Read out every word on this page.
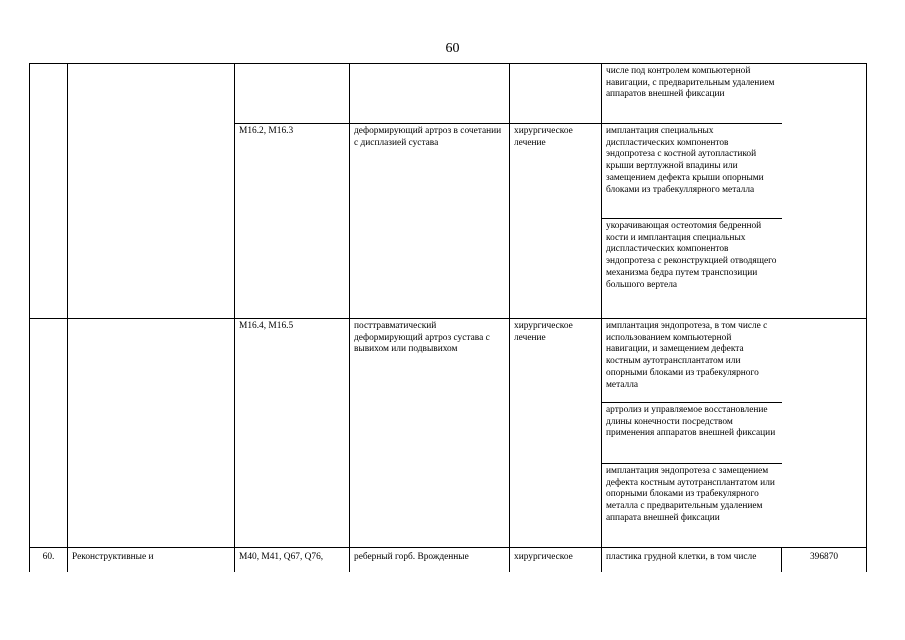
60
					числе под контролем компьютерной навигации, с предварительным удалением аппаратов внешней фиксации	
		M16.2, M16.3	деформирующий артроз в сочетании с дисплазией сустава	хирургическое лечение	имплантация специальных диспластических компонентов эндопротеза с костной аутопластикой крыши вертлужной впадины или замещением дефекта крыши опорными блоками из трабекуллярного металла	
					укорачивающая остеотомия бедренной кости и имплантация специальных диспластических компонентов эндопротеза с реконструкцией отводящего механизма бедра путем транспозиции большого вертела	
		M16.4, M16.5	посттравматический деформирующий артроз сустава с вывихом или подвывихом	хирургическое лечение	имплантация эндопротеза, в том числе с использованием компьютерной навигации, и замещением дефекта костным аутотрансплантатом или опорными блоками из трабекулярного металла	
					артролиз и управляемое восстановление длины конечности посредством применения аппаратов внешней фиксации	
					имплантация эндопротеза с замещением дефекта костным аутотрансплантатом или опорными блоками из трабекулярного металла с предварительным удалением аппарата внешней фиксации	
60.	Реконструктивные и	M40, M41, Q67, Q76,	реберный горб. Врожденные	хирургическое	пластика грудной клетки, в том числе	396870
